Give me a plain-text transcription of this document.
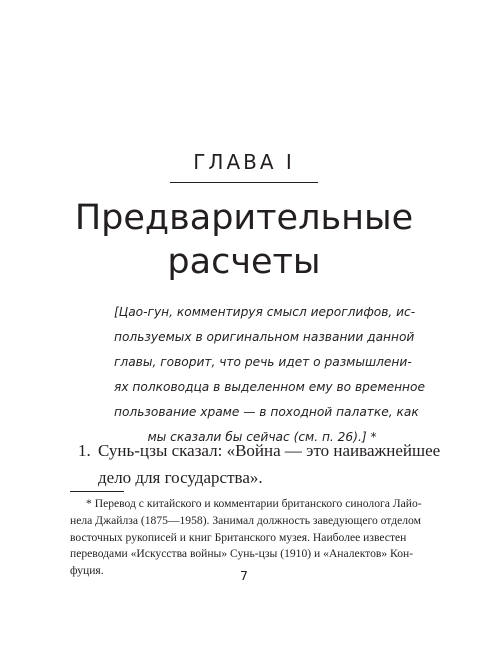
ГЛАВА I
Предварительные
расчеты
[Цао-гун, комментируя смысл иероглифов, ис-
пользуемых в оригинальном названии данной
главы, говорит, что речь идет о размышлени-
ях полководца в выделенном ему во временное
пользование храме — в походной палатке, как
мы сказали бы сейчас (см. п. 26).] *
1. Сунь-цзы сказал: «Война — это наиважнейшее
дело для государства».
* Перевод с китайского и комментарии британского синолога Лайо-
нела Джайлза (1875—1958). Занимал должность заведующего отделом
восточных рукописей и книг Британского музея. Наиболее известен
переводами «Искусства войны» Сунь-цзы (1910) и «Аналектов» Кон-
фуция.	7
